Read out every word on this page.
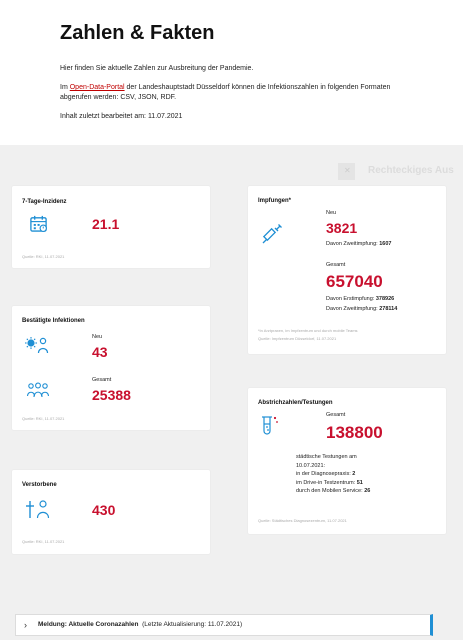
Zahlen & Fakten

Hier finden Sie aktuelle Zahlen zur Ausbreitung der Pandemie.

Im Open-Data-Portal der Landeshauptstadt Düsseldorf können die Infektionszahlen in folgenden Formaten abgerufen werden: CSV, JSON, RDF.

Inhalt zuletzt bearbeitet am: 11.07.2021

✕ Rechteckiges Aus
7-Tage-Inzidenz
21.1
Quelle: RKI, 11.07.2021
Bestätigte Infektionen
Neu
43
Gesamt
25388
Quelle: RKI, 11.07.2021
Verstorbene
430
Quelle: RKI, 11.07.2021
Impfungen*
Neu
3821
Davon Zweitimpfung: 1607
Gesamt
657040
Davon Erstimpfung: 378926
Davon Zweitimpfung: 278114
*In Arztpraxen, im Impfzentrum und durch mobile Teams
Quelle: Impfzentrum Düsseldorf, 11.07.2021
Abstrichzahlen/Testungen
Gesamt
138800
städtische Testungen am
10.07.2021:
in der Diagnosepraxis: 2
im Drive-in Testzentrum: 51
durch den Mobilen Service: 26
Quelle: Städtisches Diagnosezentrum, 11.07.2021
› Meldung: Aktuelle Coronazahlen (Letzte Aktualisierung: 11.07.2021)
